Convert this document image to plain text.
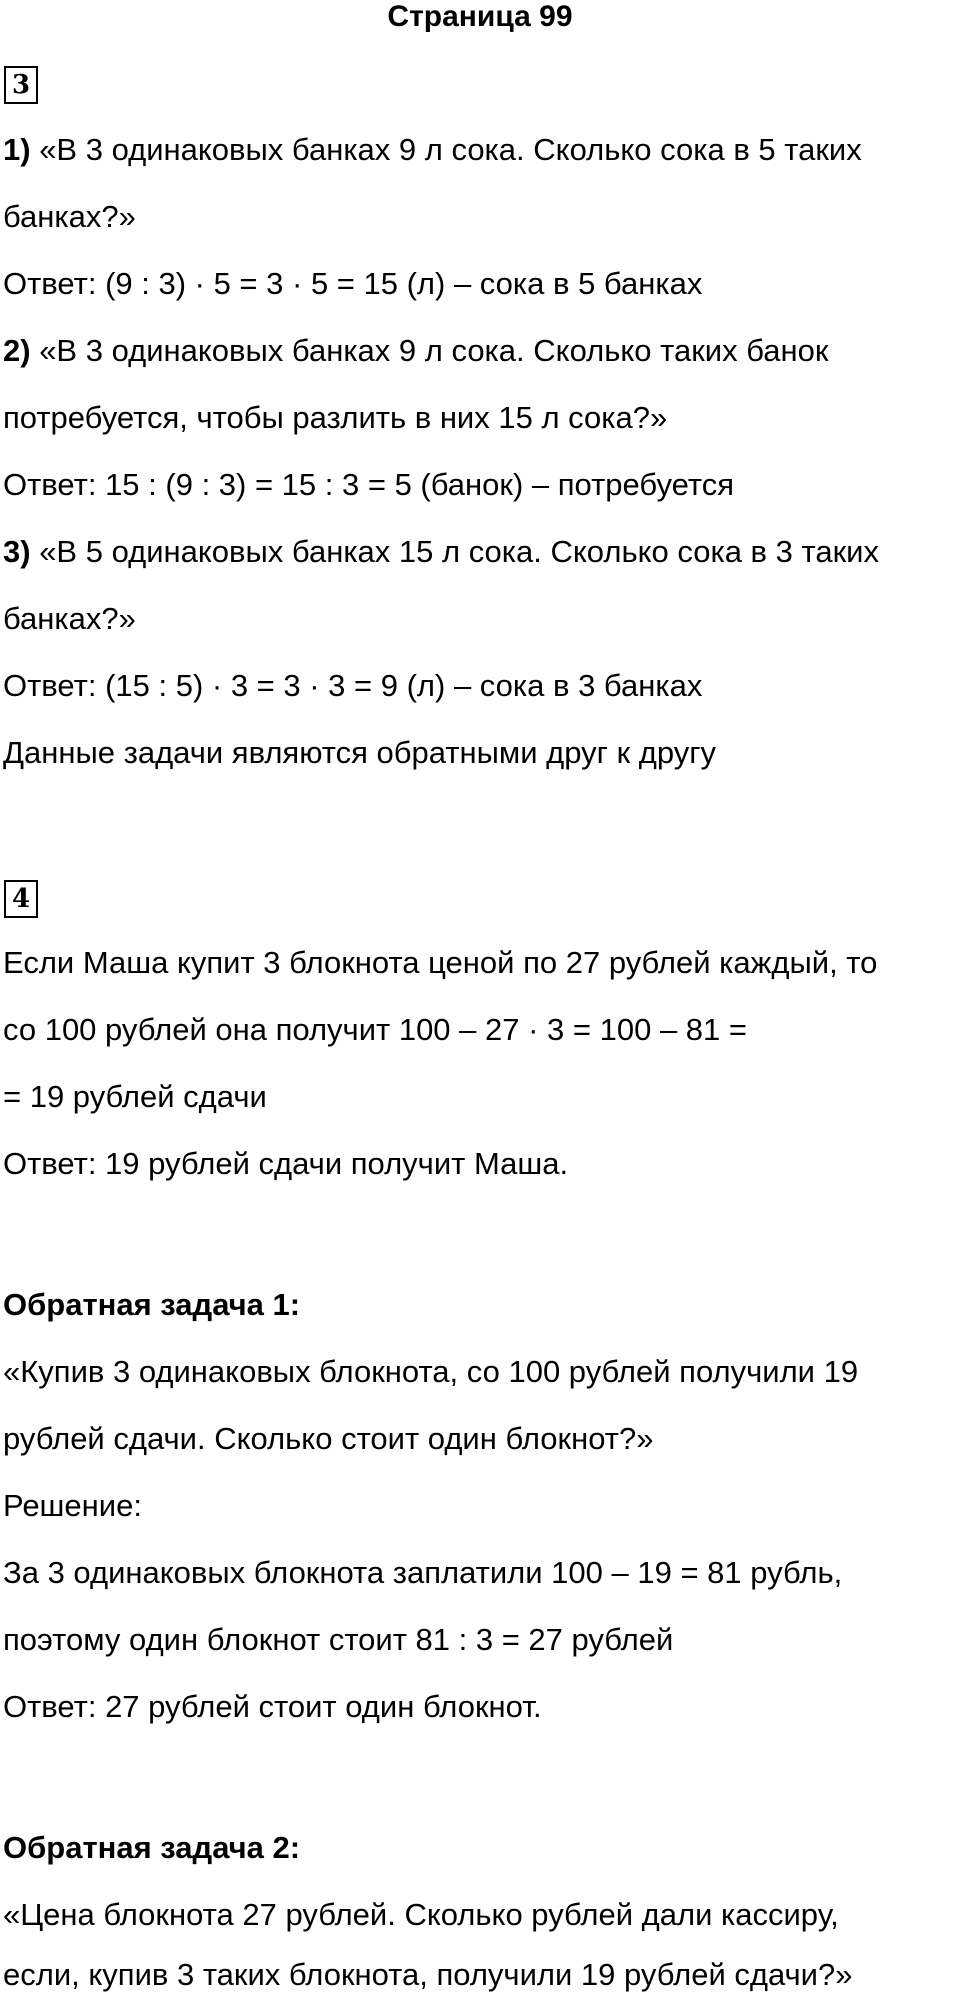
Страница 99
3
1) «В 3 одинаковых банках 9 л сока. Сколько сока в 5 таких
банках?»
Ответ: (9 : 3) · 5 = 3 · 5 = 15 (л) – сока в 5 банках
2) «В 3 одинаковых банках 9 л сока. Сколько таких банок
потребуется, чтобы разлить в них 15 л сока?»
Ответ: 15 : (9 : 3) = 15 : 3 = 5 (банок) – потребуется
3) «В 5 одинаковых банках 15 л сока. Сколько сока в 3 таких
банках?»
Ответ: (15 : 5) · 3 = 3 · 3 = 9 (л) – сока в 3 банках
Данные задачи являются обратными друг к другу
4
Если Маша купит 3 блокнота ценой по 27 рублей каждый, то
со 100 рублей она получит 100 – 27 · 3 = 100 – 81 =
= 19 рублей сдачи
Ответ: 19 рублей сдачи получит Маша.
Обратная задача 1:
«Купив 3 одинаковых блокнота, со 100 рублей получили 19
рублей сдачи. Сколько стоит один блокнот?»
Решение:
За 3 одинаковых блокнота заплатили 100 – 19 = 81 рубль,
поэтому один блокнот стоит 81 : 3 = 27 рублей
Ответ: 27 рублей стоит один блокнот.
Обратная задача 2:
«Цена блокнота 27 рублей. Сколько рублей дали кассиру,
если, купив 3 таких блокнота, получили 19 рублей сдачи?»
